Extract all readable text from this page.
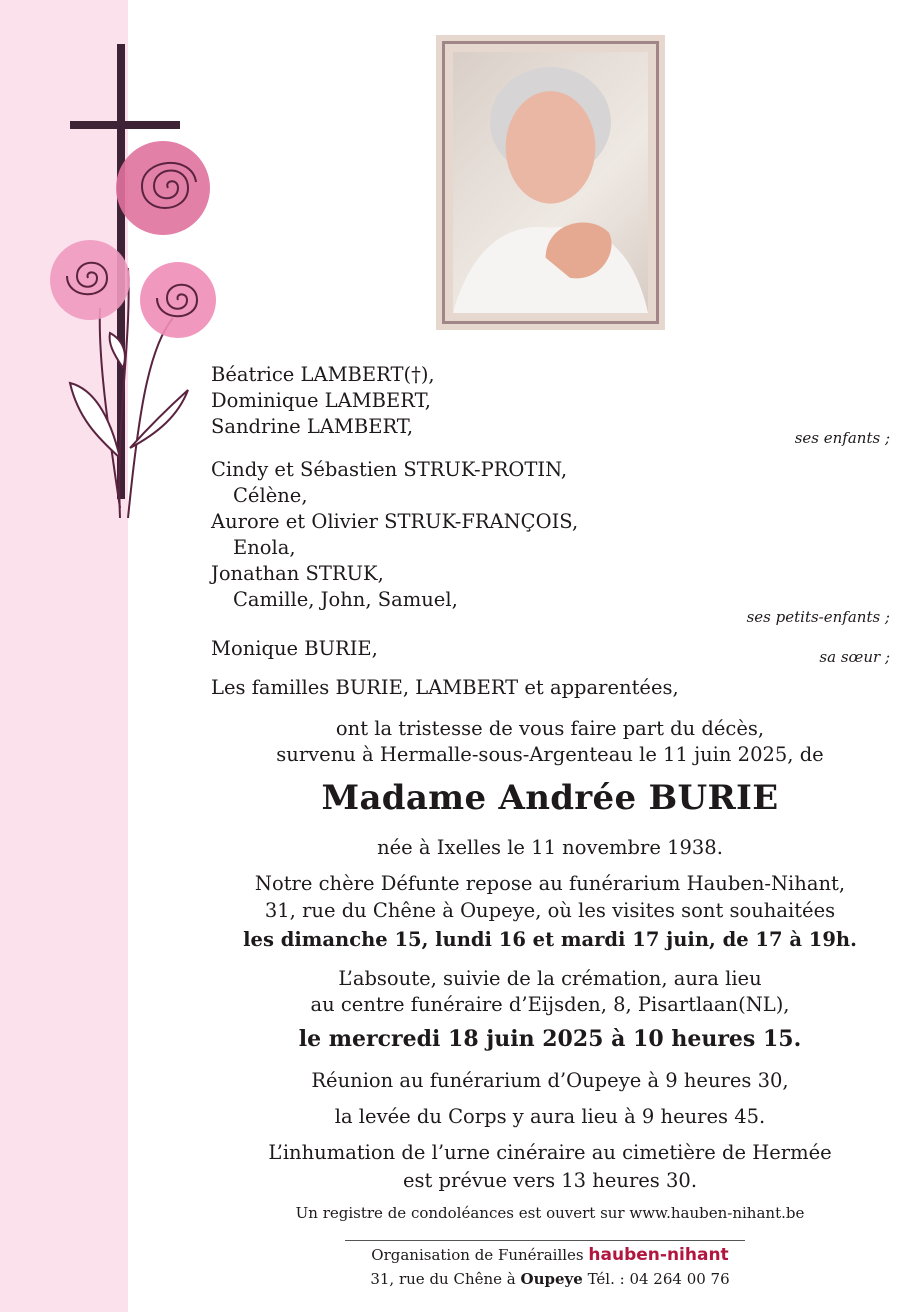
Béatrice LAMBERT(†),
Dominique LAMBERT,
Sandrine LAMBERT,	ses enfants ;
Cindy et Sébastien STRUK-PROTIN,
Célène,
Aurore et Olivier STRUK-FRANÇOIS,
Enola,
Jonathan STRUK,
Camille, John, Samuel,
ses petits-enfants ;
Monique BURIE,	sa sœur ;
Les familles BURIE, LAMBERT et apparentées,
ont la tristesse de vous faire part du décès,
survenu à Hermalle-sous-Argenteau le 11 juin 2025, de
Madame Andrée BURIE
née à Ixelles le 11 novembre 1938.
Notre chère Défunte repose au funérarium Hauben-Nihant,
31, rue du Chêne à Oupeye, où les visites sont souhaitées
les dimanche 15, lundi 16 et mardi 17 juin, de 17 à 19h.
L’absoute, suivie de la crémation, aura lieu
au centre funéraire d’Eijsden, 8, Pisartlaan(NL),
le mercredi 18 juin 2025 à 10 heures 15.
Réunion au funérarium d’Oupeye à 9 heures 30,
la levée du Corps y aura lieu à 9 heures 45.
L’inhumation de l’urne cinéraire au cimetière de Hermée
est prévue vers 13 heures 30.
Un registre de condoléances est ouvert sur www.hauben-nihant.be
Organisation de Funérailles hauben-nihant
31, rue du Chêne à Oupeye Tél. : 04 264 00 76
